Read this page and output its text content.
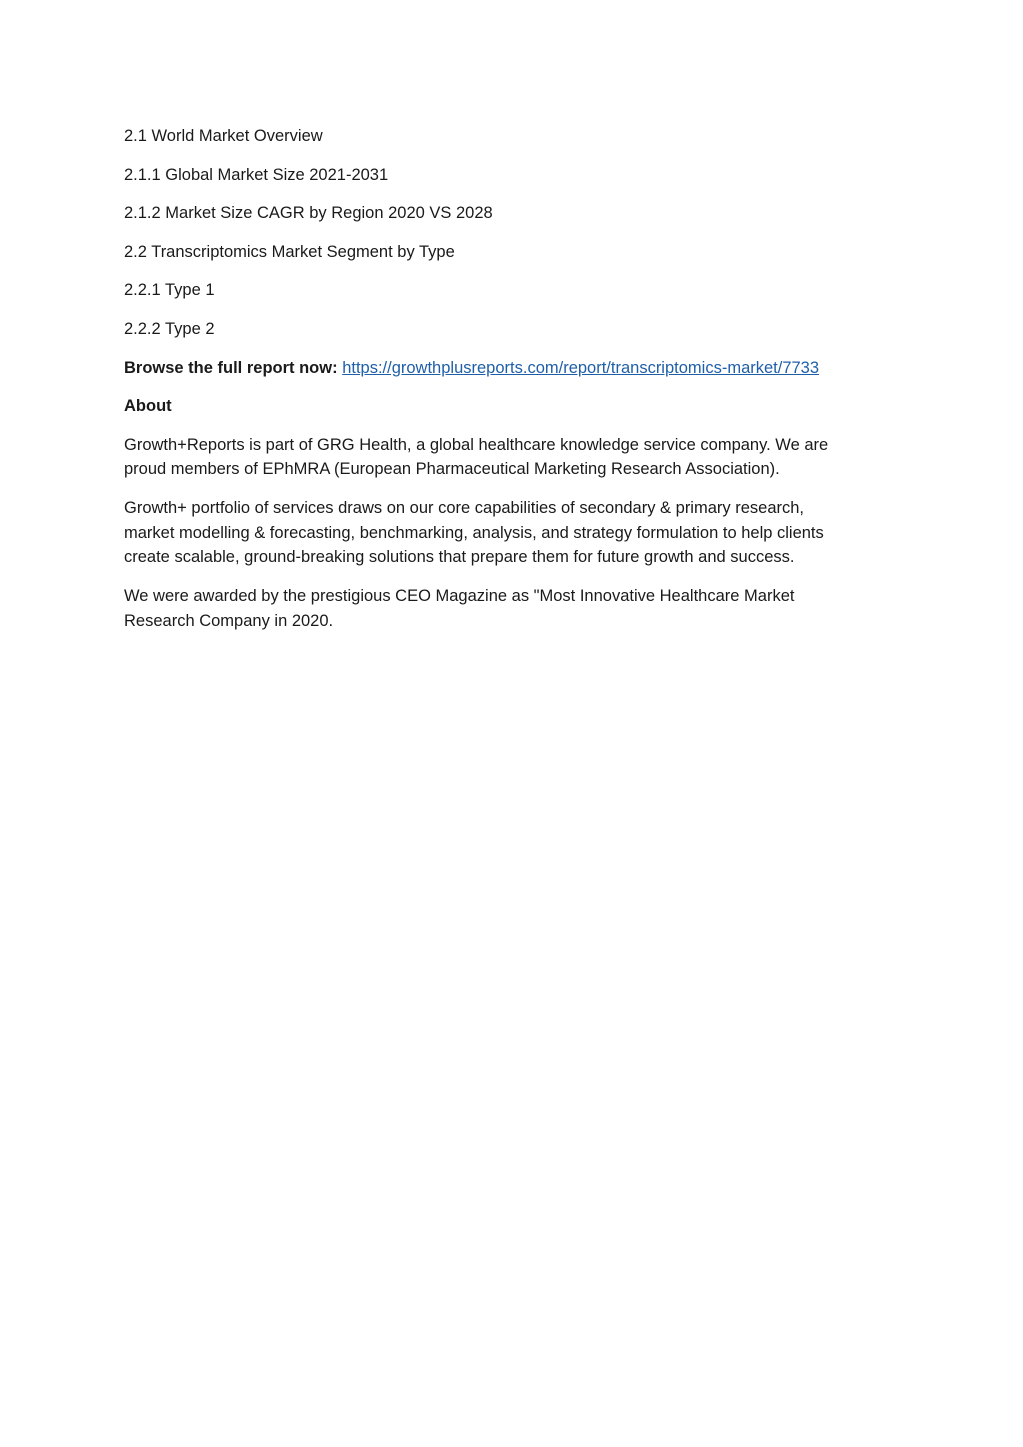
2.1 World Market Overview

2.1.1 Global Market Size 2021-2031

2.1.2 Market Size CAGR by Region 2020 VS 2028

2.2 Transcriptomics Market Segment by Type

2.2.1 Type 1

2.2.2 Type 2

Browse the full report now: https://growthplusreports.com/report/transcriptomics-market/7733

About

Growth+Reports is part of GRG Health, a global healthcare knowledge service company. We are
proud members of EPhMRA (European Pharmaceutical Marketing Research Association).

Growth+ portfolio of services draws on our core capabilities of secondary & primary research,
market modelling & forecasting, benchmarking, analysis, and strategy formulation to help clients
create scalable, ground-breaking solutions that prepare them for future growth and success.

We were awarded by the prestigious CEO Magazine as "Most Innovative Healthcare Market
Research Company in 2020.
